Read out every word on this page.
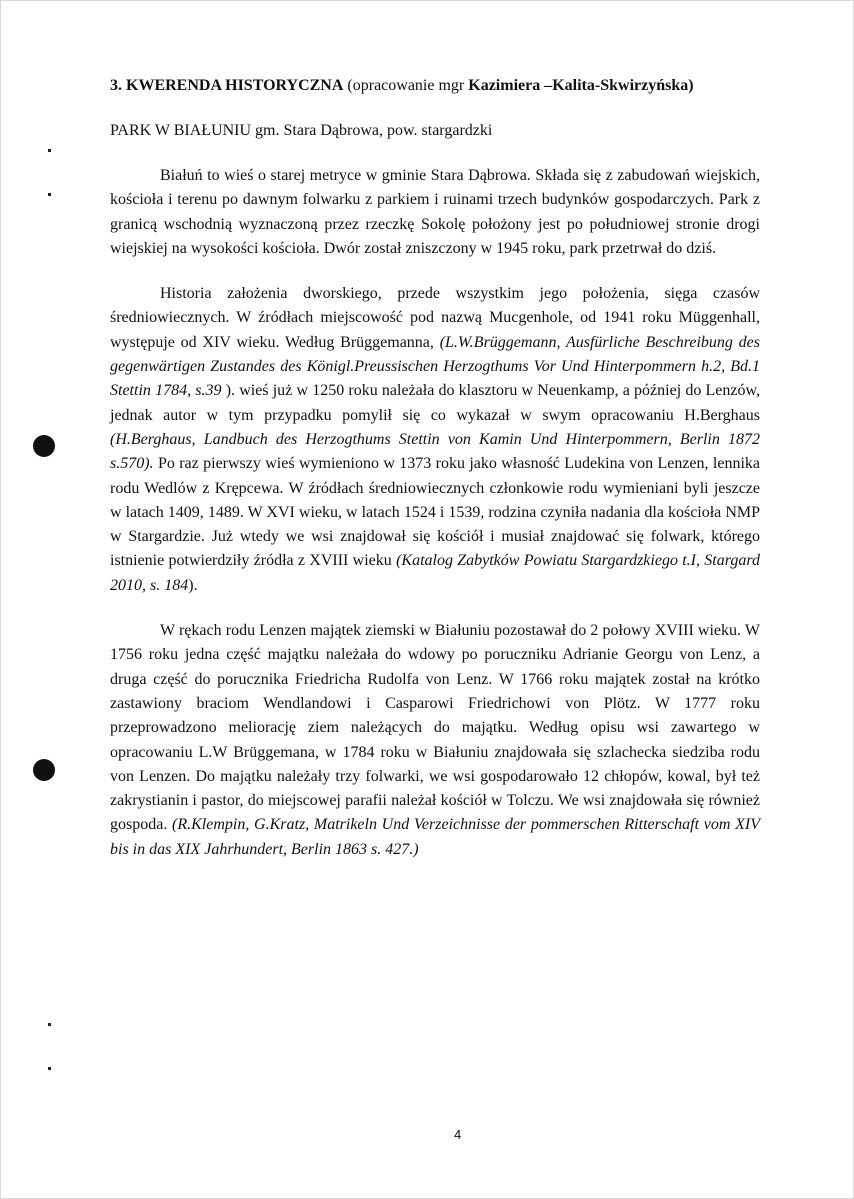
3. KWERENDA HISTORYCZNA (opracowanie mgr Kazimiera –Kalita-Skwirzyńska)
PARK W BIAŁUNIU gm. Stara Dąbrowa, pow. stargardzki

Białuń to wieś o starej metryce w gminie Stara Dąbrowa. Składa się z zabudowań wiejskich, kościoła i terenu po dawnym folwarku z parkiem i ruinami trzech budynków gospodarczych. Park z granicą wschodnią wyznaczoną przez rzeczkę Sokolę położony jest po południowej stronie drogi wiejskiej na wysokości kościoła. Dwór został zniszczony w 1945 roku, park przetrwał do dziś.

Historia założenia dworskiego, przede wszystkim jego położenia, sięga czasów średniowiecznych. W źródłach miejscowość pod nazwą Mucgenhole, od 1941 roku Müggenhall, występuje od XIV wieku. Według Brüggemanna, (L.W.Brüggemann, Ausfürliche Beschreibung des gegenwärtigen Zustandes des Königl.Preussischen Herzogthums Vor Und Hinterpommern h.2, Bd.1 Stettin 1784, s.39 ). wieś już w 1250 roku należała do klasztoru w Neuenkamp, a później do Lenzów, jednak autor w tym przypadku pomylił się co wykazał w swym opracowaniu H.Berghaus (H.Berghaus, Landbuch des Herzogthums Stettin von Kamin Und Hinterpommern, Berlin 1872 s.570). Po raz pierwszy wieś wymieniono w 1373 roku jako własność Ludekina von Lenzen, lennika rodu Wedlów z Krępcewa. W źródłach średniowiecznych członkowie rodu wymieniani byli jeszcze w latach 1409, 1489. W XVI wieku, w latach 1524 i 1539, rodzina czyniła nadania dla kościoła NMP w Stargardzie. Już wtedy we wsi znajdował się kościół i musiał znajdować się folwark, którego istnienie potwierdziły źródła z XVIII wieku (Katalog Zabytków Powiatu Stargardzkiego t.I, Stargard 2010, s. 184).

W rękach rodu Lenzen majątek ziemski w Białuniu pozostawał do 2 połowy XVIII wieku. W 1756 roku jedna część majątku należała do wdowy po poruczniku Adrianie Georgu von Lenz, a druga część do porucznika Friedricha Rudolfa von Lenz. W 1766 roku majątek został na krótko zastawiony braciom Wendlandowi i Casparowi Friedrichowi von Plötz. W 1777 roku przeprowadzono meliorację ziem należących do majątku. Według opisu wsi zawartego w opracowaniu L.W Brüggemana, w 1784 roku w Białuniu znajdowała się szlachecka siedziba rodu von Lenzen. Do majątku należały trzy folwarki, we wsi gospodarowało 12 chłopów, kowal, był też zakrystianin i pastor, do miejscowej parafii należał kościół w Tolczu. We wsi znajdowała się również gospoda. (R.Klempin, G.Kratz, Matrikeln Und Verzeichnisse der pommerschen Ritterschaft vom XIV bis in das XIX Jahrhundert, Berlin 1863 s. 427.)

4
